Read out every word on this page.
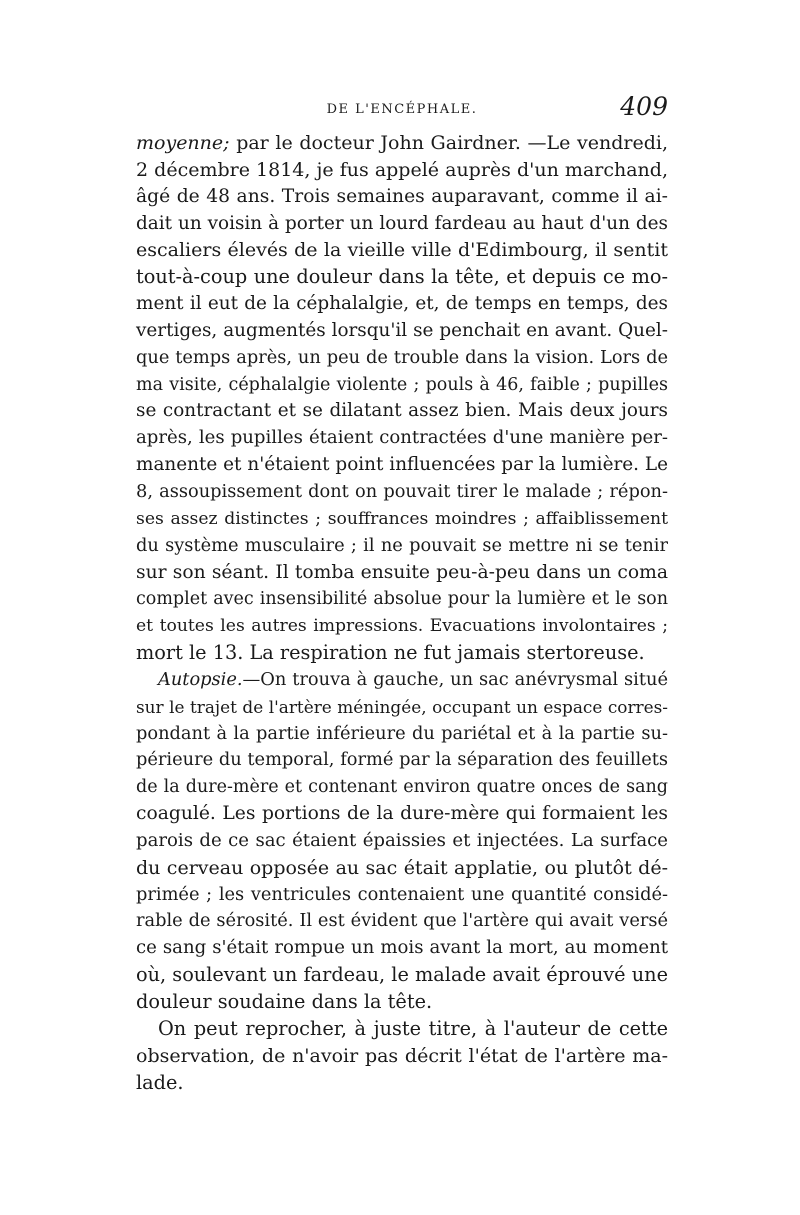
DE L'ENCÉPHALE.	409
moyenne; par le docteur John Gairdner. —Le vendredi,
2 décembre 1814, je fus appelé auprès d'un marchand,
âgé de 48 ans. Trois semaines auparavant, comme il ai-
dait un voisin à porter un lourd fardeau au haut d'un des
escaliers élevés de la vieille ville d'Edimbourg, il sentit
tout-à-coup une douleur dans la tête, et depuis ce mo-
ment il eut de la céphalalgie, et, de temps en temps, des
vertiges, augmentés lorsqu'il se penchait en avant. Quel-
que temps après, un peu de trouble dans la vision. Lors de
ma visite, céphalalgie violente ; pouls à 46, faible ; pupilles
se contractant et se dilatant assez bien. Mais deux jours
après, les pupilles étaient contractées d'une manière per-
manente et n'étaient point influencées par la lumière. Le
8, assoupissement dont on pouvait tirer le malade ; répon-
ses assez distinctes ; souffrances moindres ; affaiblissement
du système musculaire ; il ne pouvait se mettre ni se tenir
sur son séant. Il tomba ensuite peu-à-peu dans un coma
complet avec insensibilité absolue pour la lumière et le son
et toutes les autres impressions. Evacuations involontaires ;
mort le 13. La respiration ne fut jamais stertoreuse.
Autopsie.—On trouva à gauche, un sac anévrysmal situé
sur le trajet de l'artère méningée, occupant un espace corres-
pondant à la partie inférieure du pariétal et à la partie su-
périeure du temporal, formé par la séparation des feuillets
de la dure-mère et contenant environ quatre onces de sang
coagulé. Les portions de la dure-mère qui formaient les
parois de ce sac étaient épaissies et injectées. La surface
du cerveau opposée au sac était applatie, ou plutôt dé-
primée ; les ventricules contenaient une quantité considé-
rable de sérosité. Il est évident que l'artère qui avait versé
ce sang s'était rompue un mois avant la mort, au moment
où, soulevant un fardeau, le malade avait éprouvé une
douleur soudaine dans la tête.
On peut reprocher, à juste titre, à l'auteur de cette
observation, de n'avoir pas décrit l'état de l'artère ma-
lade.
